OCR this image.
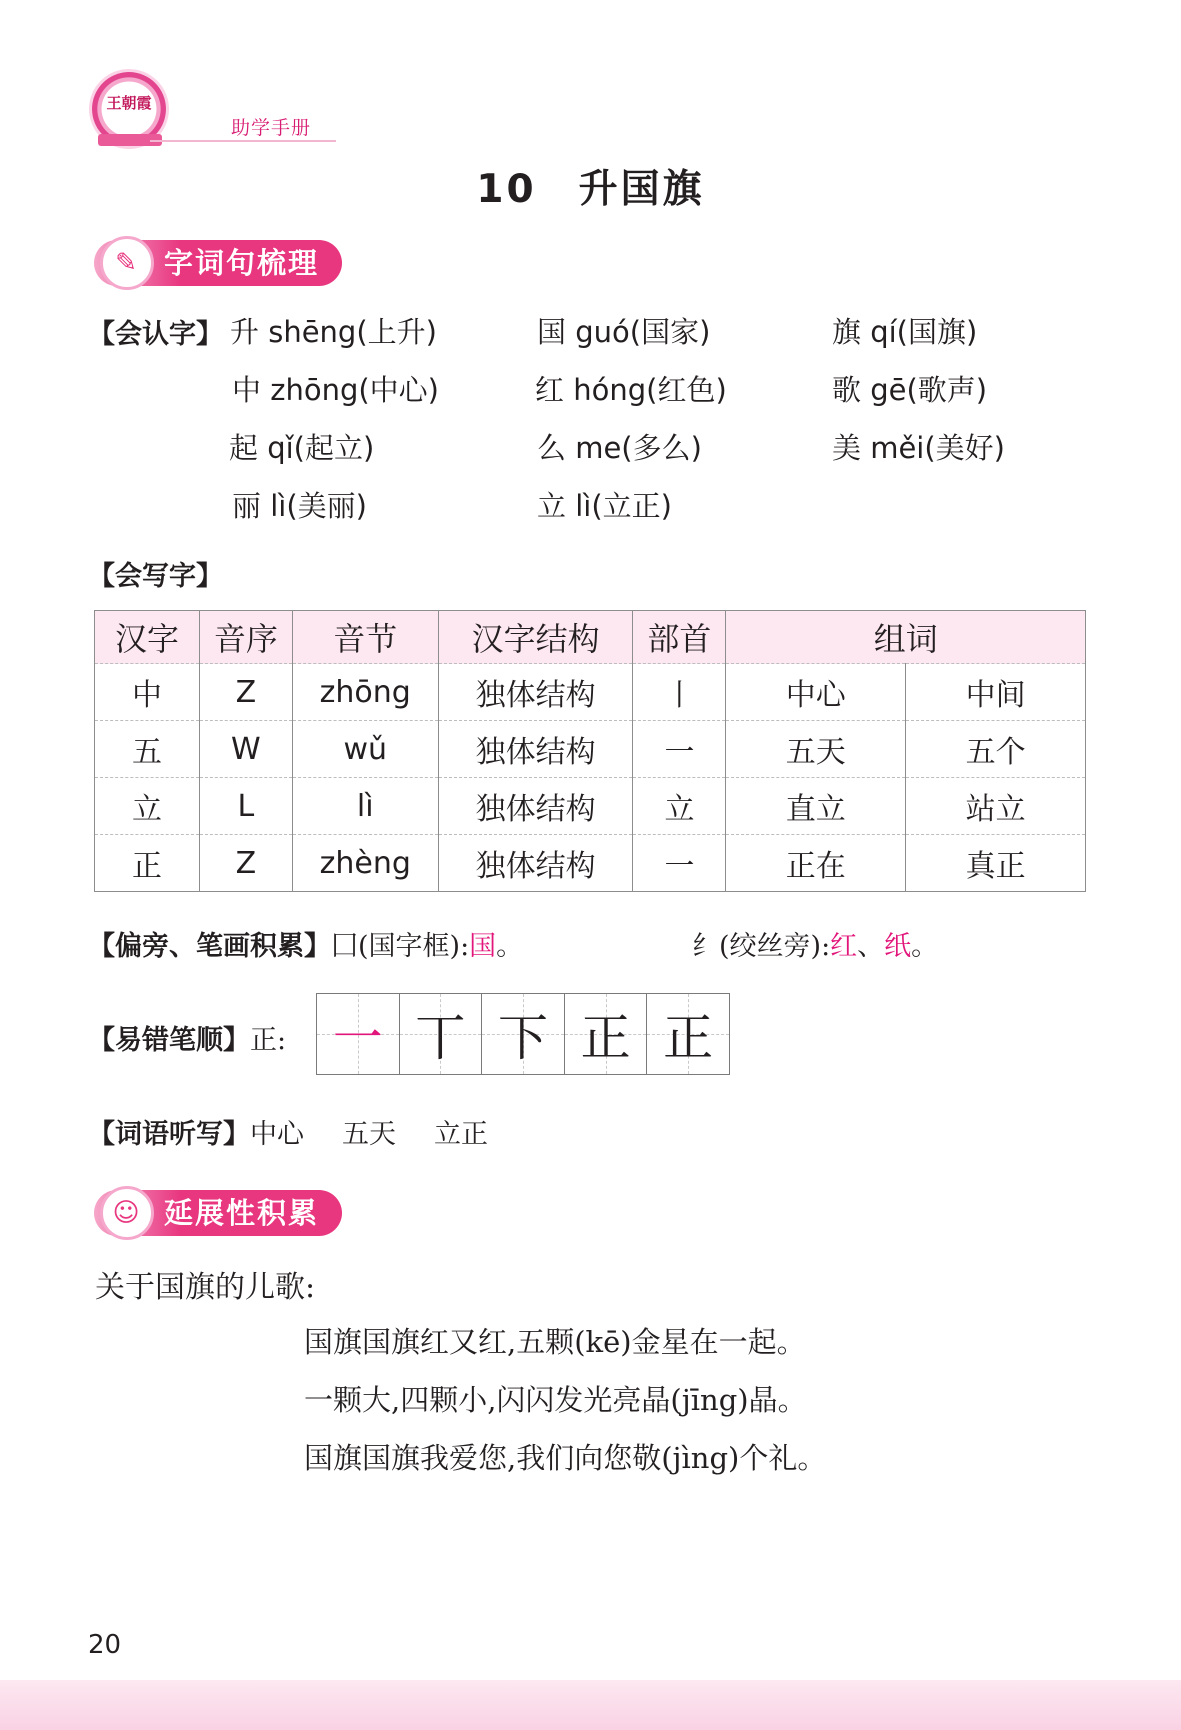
王朝霞
助学手册
10　升国旗
✎ 字词句梳理
【会认字】 升 shēng(上升)	国 guó(国家)	旗 qí(国旗)
中 zhōng(中心)	红 hóng(红色)	歌 gē(歌声)
起 qǐ(起立)	么 me(多么)	美 měi(美好)
丽 lì(美丽)	立 lì(立正)
【会写字】
汉字	音序	音节	汉字结构	部首	组词	
中	Z	zhōng	独体结构	丨	中心	中间
五	W	wǔ	独体结构	一	五天	五个
立	L	lì	独体结构	立	直立	站立
正	Z	zhèng	独体结构	一	正在	真正
【偏旁、笔画积累】囗(国字框):国。	纟(绞丝旁):红、纸。
【易错笔顺】正: 一 丅 下 正 正
【词语听写】中心 五天 立正
☺ 延展性积累
关于国旗的儿歌:
国旗国旗红又红,五颗(kē)金星在一起。
一颗大,四颗小,闪闪发光亮晶(jīng)晶。
国旗国旗我爱您,我们向您敬(jìng)个礼。
20
